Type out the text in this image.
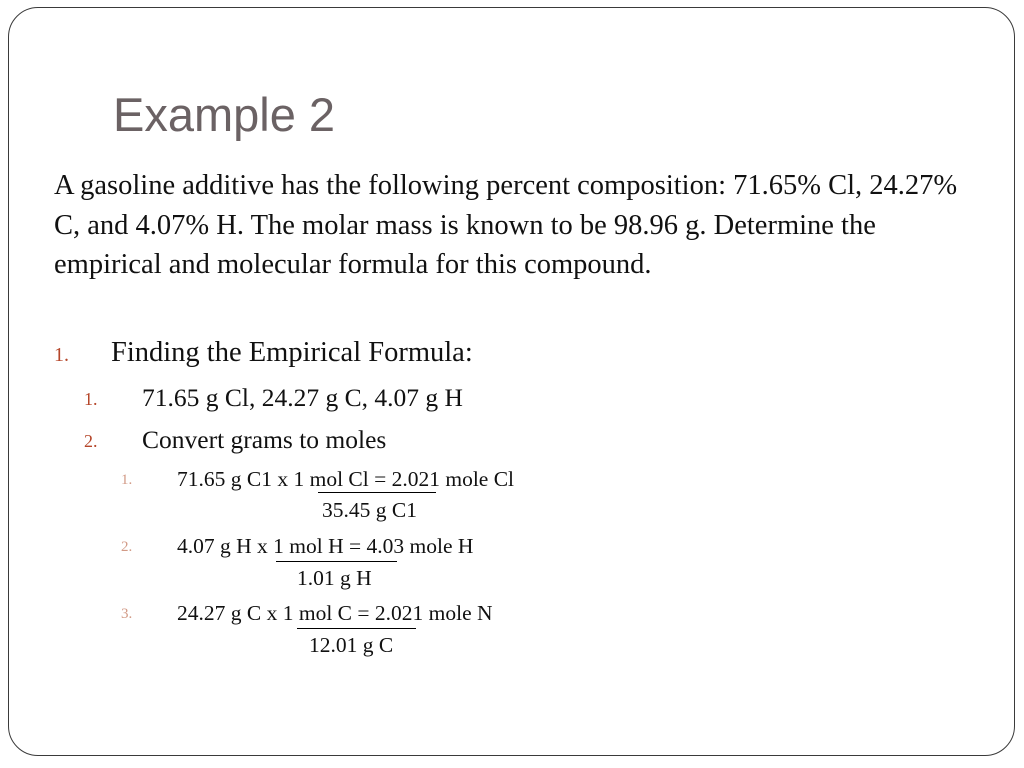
Example 2

A gasoline additive has the following percent composition: 71.65% Cl, 24.27% C, and 4.07% H. The molar mass is known to be 98.96 g. Determine the empirical and molecular formula for this compound.

1. Finding the Empirical Formula:
1. 71.65 g Cl, 24.27 g C, 4.07 g H
2. Convert grams to moles
1. 71.65 g C1 x 1 mol Cl = 2.021 mole Cl
35.45 g C1
2. 4.07 g H x 1 mol H = 4.03 mole H
1.01 g H
3. 24.27 g C x 1 mol C = 2.021 mole N
12.01 g C
